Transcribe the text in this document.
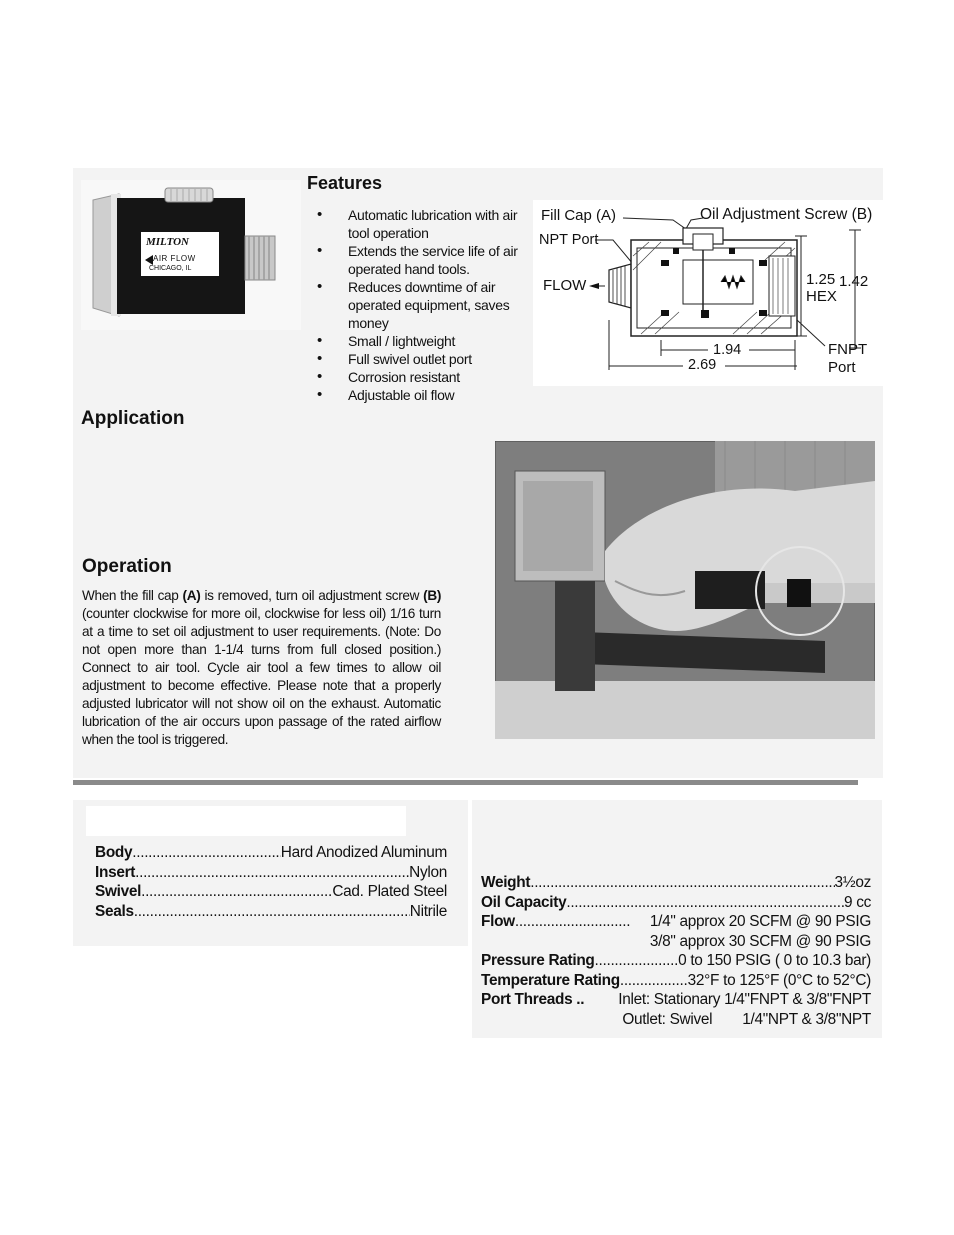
MILTON
AIR FLOW
CHICAGO, IL
Features
• Automatic lubrication with air tool operation
• Extends the service life of air operated hand tools.
• Reduces downtime of air operated equipment, saves money
• Small / lightweight
• Full swivel outlet port
• Corrosion resistant
• Adjustable oil flow
Fill Cap (A)	Oil Adjustment Screw (B)
NPT Port
FLOW	1.25 1.42
HEX
1.94
2.69
FNPT
Port
Application
Operation
When the fill cap (A) is removed, turn oil adjustment screw (B) (counter clockwise for more oil, clockwise for less oil) 1/16 turn at a time to set oil adjustment to user requirements. (Note: Do not open more than 1-1/4 turns from full closed position.) Connect to air tool. Cycle air tool a few times to allow oil adjustment to become effective. Please note that a properly adjusted lubricator will not show oil on the exhaust. Automatic lubrication of the air occurs upon passage of the rated airflow when the tool is triggered.
Body .....	Hard Anodized Aluminum
Insert .....	Nylon
Swivel .....	Cad. Plated Steel
Seals .....	Nitrile
Weight .....	3½oz
Oil Capacity .....	9 cc
Flow .....	1/4" approx 20 SCFM @ 90 PSIG
3/8" approx 30 SCFM @ 90 PSIG
Pressure Rating .....	0 to 150 PSIG ( 0 to 10.3 bar)
Temperature Rating .....	32°F to 125°F (0°C to 52°C)
Port Threads .. Inlet: Stationary 1/4"FNPT & 3/8"FNPT
Outlet: Swivel 1/4"NPT & 3/8"NPT
